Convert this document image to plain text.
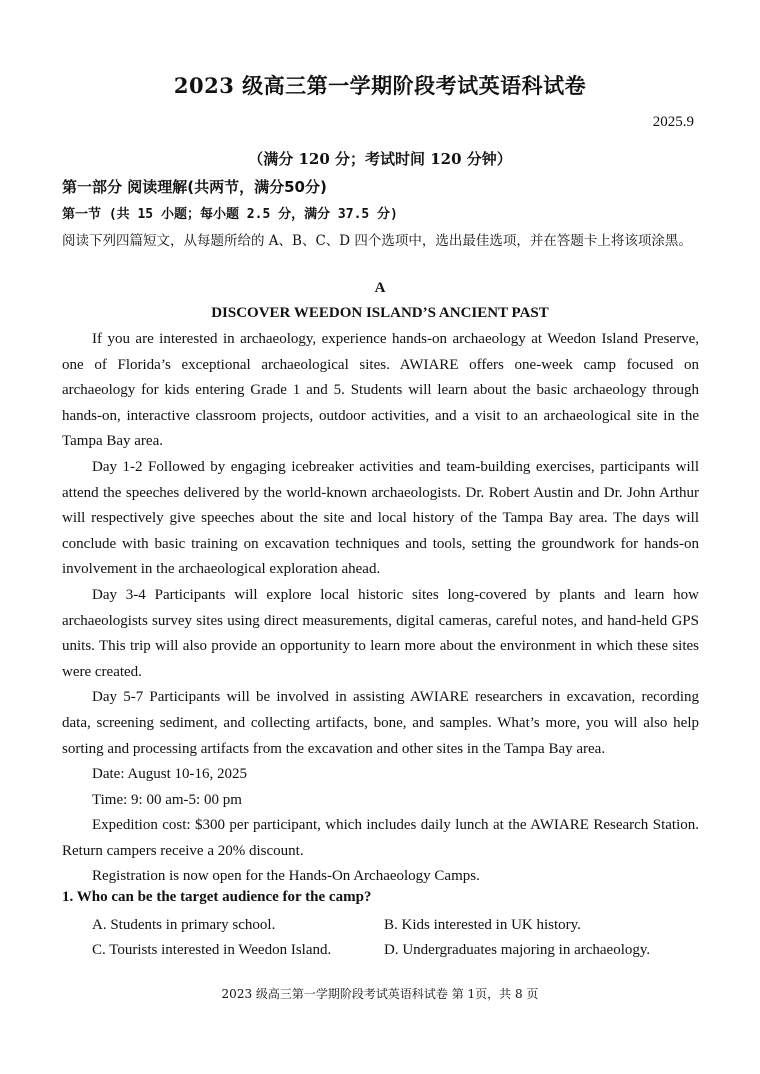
2023 级高三第一学期阶段考试英语科试卷
2025.9
（满分 120 分；考试时间 120 分钟）
第一部分 阅读理解(共两节，满分50分)
第一节 (共 15 小题；每小题 2.5 分，满分 37.5 分)
阅读下列四篇短文，从每题所给的 A、B、C、D 四个选项中，选出最佳选项，并在答题卡上将该项涂黑。
A
DISCOVER WEEDON ISLAND’S ANCIENT PAST

If you are interested in archaeology, experience hands-on archaeology at Weedon Island Preserve, one of Florida’s exceptional archaeological sites. AWIARE offers one-week camp focused on archaeology for kids entering Grade 1 and 5. Students will learn about the basic archaeology through hands-on, interactive classroom projects, outdoor activities, and a visit to an archaeological site in the Tampa Bay area.

Day 1-2 Followed by engaging icebreaker activities and team-building exercises, participants will attend the speeches delivered by the world-known archaeologists. Dr. Robert Austin and Dr. John Arthur will respectively give speeches about the site and local history of the Tampa Bay area. The days will conclude with basic training on excavation techniques and tools, setting the groundwork for hands-on involvement in the archaeological exploration ahead.

Day 3-4 Participants will explore local historic sites long-covered by plants and learn how archaeologists survey sites using direct measurements, digital cameras, careful notes, and hand-held GPS units. This trip will also provide an opportunity to learn more about the environment in which these sites were created.

Day 5-7 Participants will be involved in assisting AWIARE researchers in excavation, recording data, screening sediment, and collecting artifacts, bone, and samples. What’s more, you will also help sorting and processing artifacts from the excavation and other sites in the Tampa Bay area.

Date: August 10-16, 2025

Time: 9: 00 am-5: 00 pm

Expedition cost: $300 per participant, which includes daily lunch at the AWIARE Research Station. Return campers receive a 20% discount.

Registration is now open for the Hands-On Archaeology Camps.

1. Who can be the target audience for the camp?
A. Students in primary school.	B. Kids interested in UK history.
C. Tourists interested in Weedon Island.	D. Undergraduates majoring in archaeology.
2023 级高三第一学期阶段考试英语科试卷 第 1页，共 8 页
